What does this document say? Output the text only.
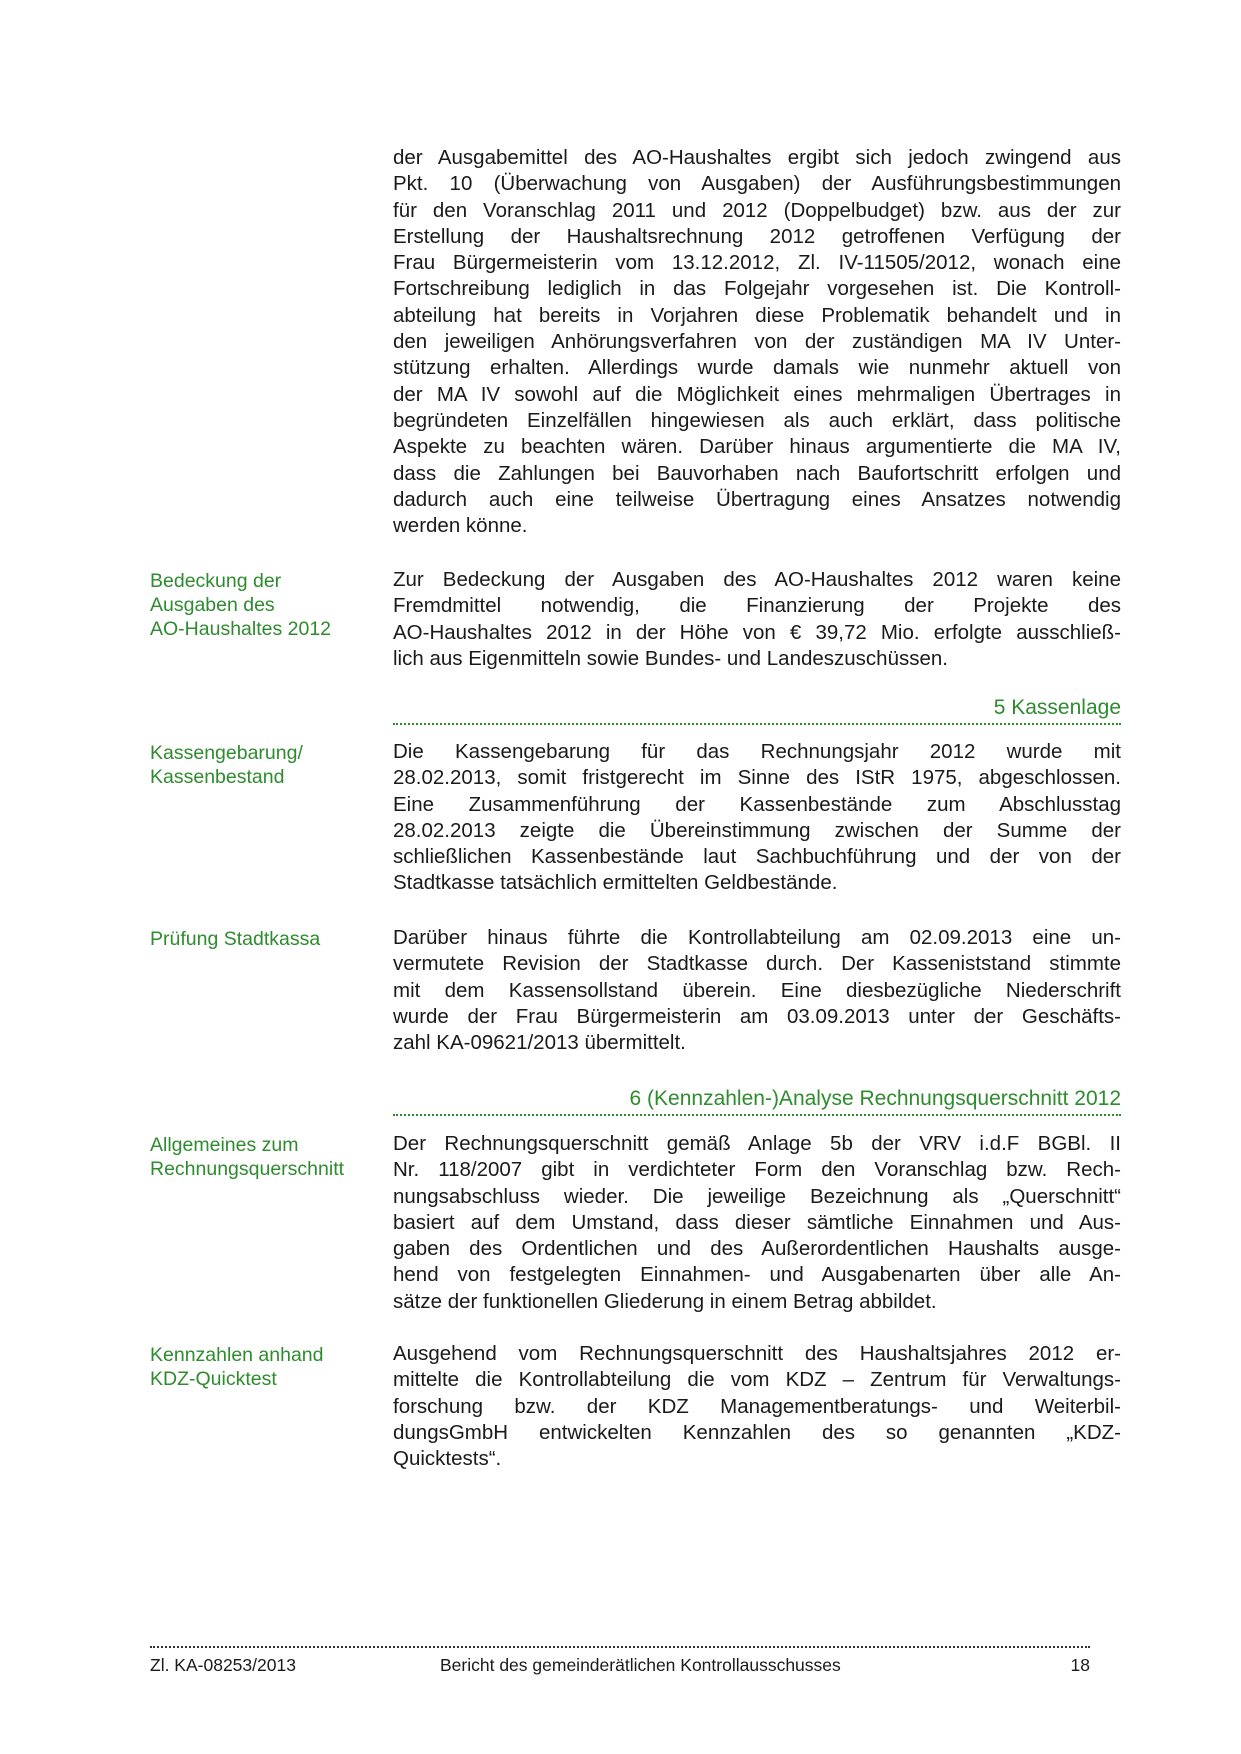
der Ausgabemittel des AO-Haushaltes ergibt sich jedoch zwingend aus
Pkt. 10 (Überwachung von Ausgaben) der Ausführungsbestimmungen
für den Voranschlag 2011 und 2012 (Doppelbudget) bzw. aus der zur
Erstellung der Haushaltsrechnung 2012 getroffenen Verfügung der
Frau Bürgermeisterin vom 13.12.2012, Zl. IV-11505/2012, wonach eine
Fortschreibung lediglich in das Folgejahr vorgesehen ist. Die Kontroll-
abteilung hat bereits in Vorjahren diese Problematik behandelt und in
den jeweiligen Anhörungsverfahren von der zuständigen MA IV Unter-
stützung erhalten. Allerdings wurde damals wie nunmehr aktuell von
der MA IV sowohl auf die Möglichkeit eines mehrmaligen Übertrages in
begründeten Einzelfällen hingewiesen als auch erklärt, dass politische
Aspekte zu beachten wären. Darüber hinaus argumentierte die MA IV,
dass die Zahlungen bei Bauvorhaben nach Baufortschritt erfolgen und
dadurch auch eine teilweise Übertragung eines Ansatzes notwendig
werden könne.
Bedeckung der
Ausgaben des
AO-Haushaltes 2012
Zur Bedeckung der Ausgaben des AO-Haushaltes 2012 waren keine
Fremdmittel notwendig, die Finanzierung der Projekte des
AO-Haushaltes 2012 in der Höhe von € 39,72 Mio. erfolgte ausschließ-
lich aus Eigenmitteln sowie Bundes- und Landeszuschüssen.
5 Kassenlage
Kassengebarung/
Kassenbestand
Die Kassengebarung für das Rechnungsjahr 2012 wurde mit
28.02.2013, somit fristgerecht im Sinne des IStR 1975, abgeschlossen.
Eine Zusammenführung der Kassenbestände zum Abschlusstag
28.02.2013 zeigte die Übereinstimmung zwischen der Summe der
schließlichen Kassenbestände laut Sachbuchführung und der von der
Stadtkasse tatsächlich ermittelten Geldbestände.
Prüfung Stadtkassa	Darüber hinaus führte die Kontrollabteilung am 02.09.2013 eine un-
vermutete Revision der Stadtkasse durch. Der Kasseniststand stimmte
mit dem Kassensollstand überein. Eine diesbezügliche Niederschrift
wurde der Frau Bürgermeisterin am 03.09.2013 unter der Geschäfts-
zahl KA-09621/2013 übermittelt.
6 (Kennzahlen-)Analyse Rechnungsquerschnitt 2012
Allgemeines zum
Rechnungsquerschnitt
Der Rechnungsquerschnitt gemäß Anlage 5b der VRV i.d.F BGBl. II
Nr. 118/2007 gibt in verdichteter Form den Voranschlag bzw. Rech-
nungsabschluss wieder. Die jeweilige Bezeichnung als „Querschnitt“
basiert auf dem Umstand, dass dieser sämtliche Einnahmen und Aus-
gaben des Ordentlichen und des Außerordentlichen Haushalts ausge-
hend von festgelegten Einnahmen- und Ausgabenarten über alle An-
sätze der funktionellen Gliederung in einem Betrag abbildet.
Kennzahlen anhand
KDZ-Quicktest
Ausgehend vom Rechnungsquerschnitt des Haushaltsjahres 2012 er-
mittelte die Kontrollabteilung die vom KDZ – Zentrum für Verwaltungs-
forschung bzw. der KDZ Managementberatungs- und Weiterbil-
dungsGmbH entwickelten Kennzahlen des so genannten „KDZ-
Quicktests“.
Zl. KA-08253/2013	Bericht des gemeinderätlichen Kontrollausschusses	18
